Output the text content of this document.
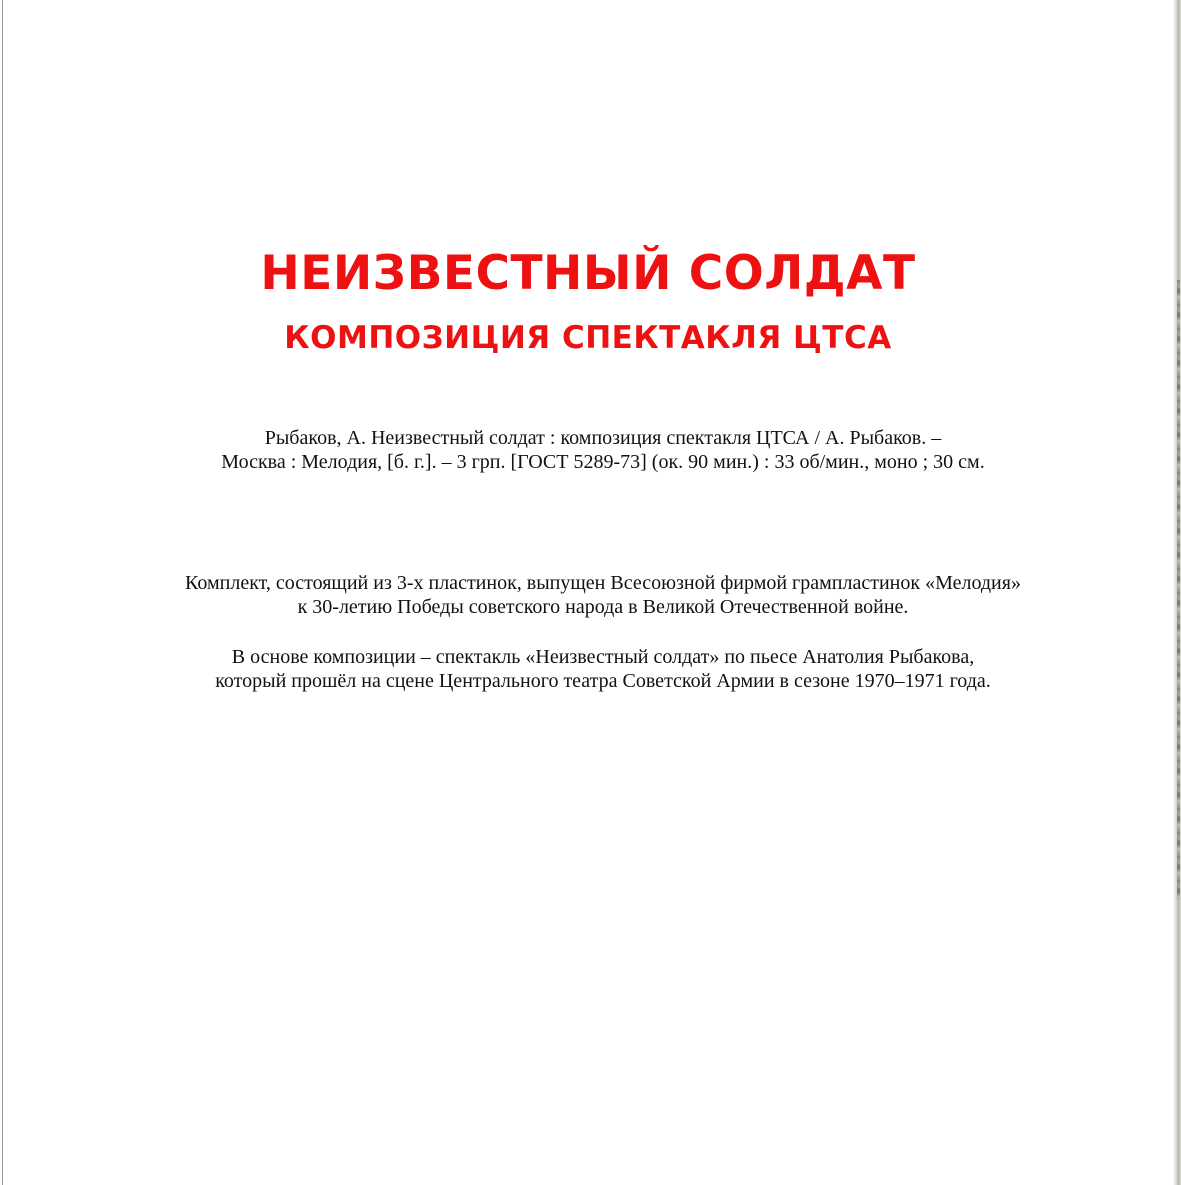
НЕИЗВЕСТНЫЙ СОЛДАТ
КОМПОЗИЦИЯ СПЕКТАКЛЯ ЦТСА

Рыбаков, А. Неизвестный солдат : композиция спектакля ЦТСА / А. Рыбаков. –
Москва : Мелодия, [б. г.]. – 3 грп. [ГОСТ 5289-73] (ок. 90 мин.) : 33 об/мин., моно ; 30 см.

Комплект, состоящий из 3-х пластинок, выпущен Всесоюзной фирмой грампластинок «Мелодия»
к 30-летию Победы советского народа в Великой Отечественной войне.

В основе композиции – спектакль «Неизвестный солдат» по пьесе Анатолия Рыбакова,
который прошёл на сцене Центрального театра Советской Армии в сезоне 1970–1971 года.
